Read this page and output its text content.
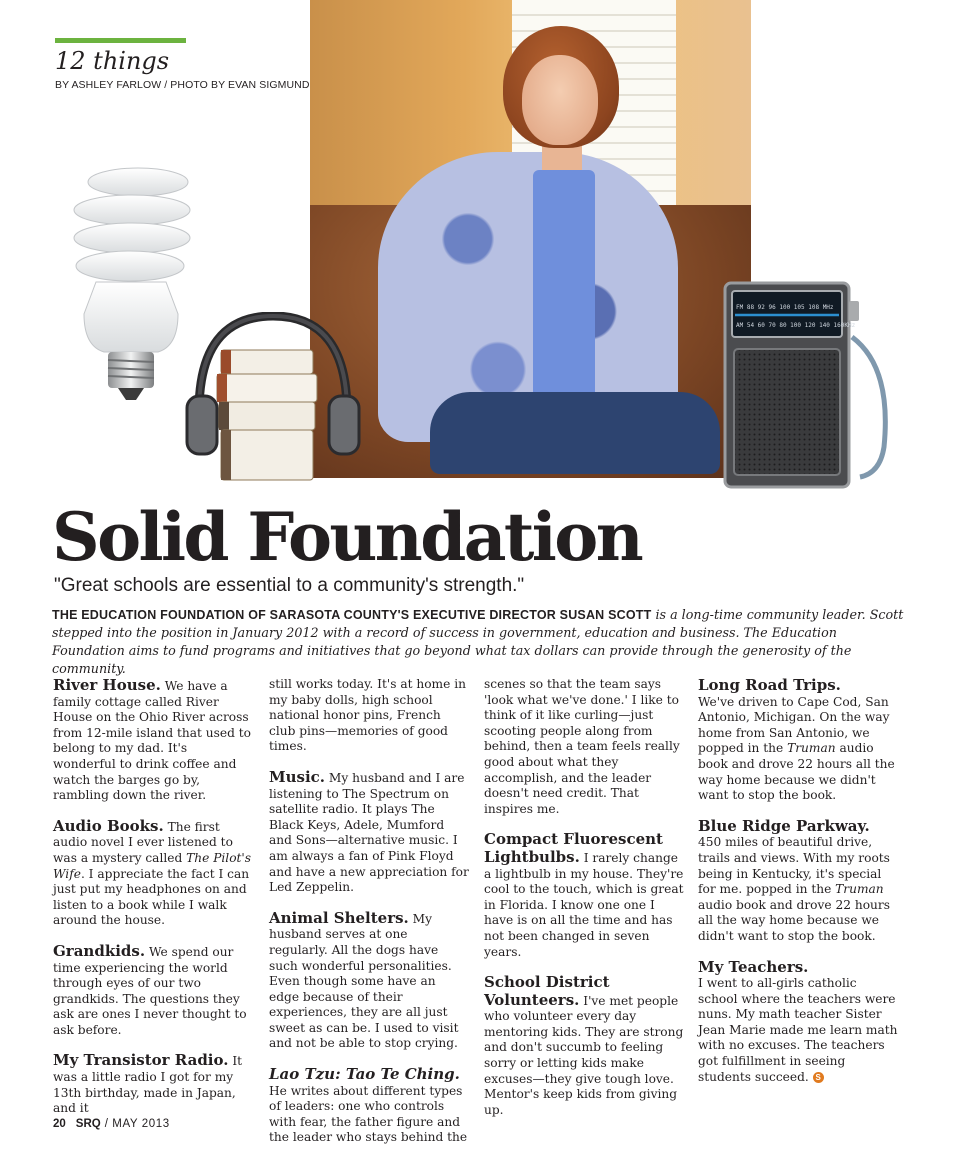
12 things
BY ASHLEY FARLOW / PHOTO BY EVAN SIGMUND
FM 88 92 96 100 105 108 MHz
AM 54 60 70 80 100 120 140 160KHz
Solid Foundation
"Great schools are essential to a community's strength."
THE EDUCATION FOUNDATION OF SARASOTA COUNTY'S EXECUTIVE DIRECTOR SUSAN SCOTT is a long-time community leader. Scott stepped into the position in January 2012 with a record of success in government, education and business. The Education Foundation aims to fund programs and initiatives that go beyond what tax dollars can provide through the generosity of the community.

River House. We have a family cottage called River House on the Ohio River across from 12-mile island that used to belong to my dad. It's wonderful to drink coffee and watch the barges go by, rambling down the river.

Audio Books. The first audio novel I ever listened to was a mystery called The Pilot's Wife. I appreciate the fact I can just put my headphones on and listen to a book while I walk around the house.

Grandkids. We spend our time experiencing the world through eyes of our two grandkids. The questions they ask are ones I never thought to ask before.

My Transistor Radio. It was a little radio I got for my 13th birthday, made in Japan, and it

still works today. It's at home in my baby dolls, high school national honor pins, French club pins—memories of good times.

Music. My husband and I are listening to The Spectrum on satellite radio. It plays The Black Keys, Adele, Mumford and Sons—alternative music. I am always a fan of Pink Floyd and have a new appreciation for Led Zeppelin.

Animal Shelters. My husband serves at one regularly. All the dogs have such wonderful personalities. Even though some have an edge because of their experiences, they are all just sweet as can be. I used to visit and not be able to stop crying.

Lao Tzu: Tao Te Ching.
He writes about different types of leaders: one who controls with fear, the father figure and the leader who stays behind the

scenes so that the team says 'look what we've done.' I like to think of it like curling—just scooting people along from behind, then a team feels really good about what they accomplish, and the leader doesn't need credit. That inspires me.

Compact Fluorescent Lightbulbs. I rarely change a lightbulb in my house. They're cool to the touch, which is great in Florida. I know one one I have is on all the time and has not been changed in seven years.

School District Volunteers. I've met people who volunteer every day mentoring kids. They are strong and don't succumb to feeling sorry or letting kids make excuses—they give tough love. Mentor's keep kids from giving up.

Long Road Trips.
We've driven to Cape Cod, San Antonio, Michigan. On the way home from San Antonio, we popped in the Truman audio book and drove 22 hours all the way home because we didn't want to stop the book.

Blue Ridge Parkway.
450 miles of beautiful drive, trails and views. With my roots being in Kentucky, it's special for me. popped in the Truman audio book and drove 22 hours all the way home because we didn't want to stop the book.

My Teachers.
I went to all-girls catholic school where the teachers were nuns. My math teacher Sister Jean Marie made me learn math with no excuses. The teachers got fulfillment in seeing students succeed. S

20 SRQ / MAY 2013
